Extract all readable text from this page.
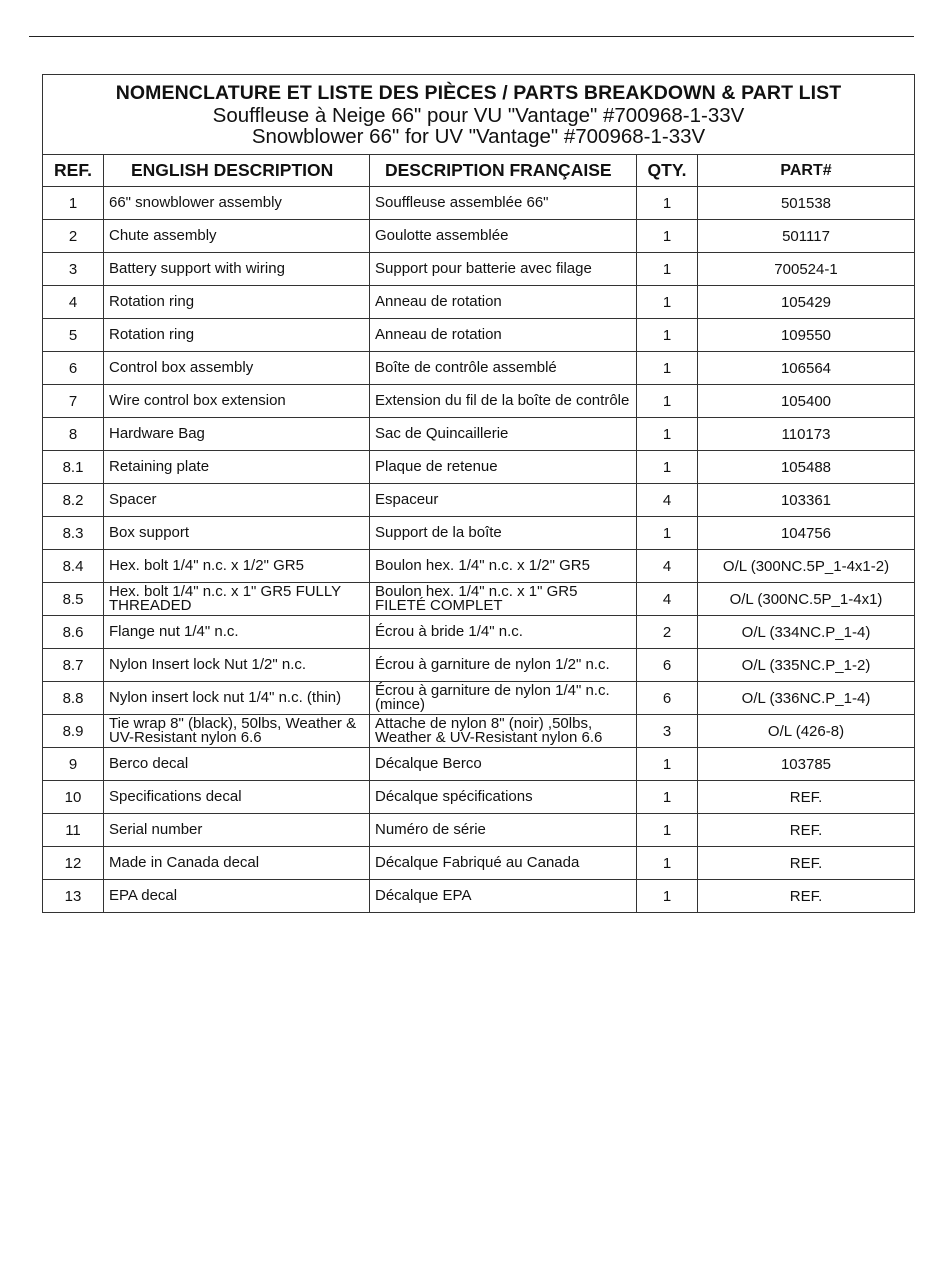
NOMENCLATURE ET LISTE DES PIÈCES / PARTS BREAKDOWN & PART LIST
Souffleuse à Neige 66" pour VU "Vantage" #700968-1-33V
Snowblower 66" for UV "Vantage" #700968-1-33V				

REF.	ENGLISH DESCRIPTION	DESCRIPTION FRANÇAISE	QTY.	PART#
1	66" snowblower assembly	Souffleuse assemblée 66"	1	501538
2	Chute assembly	Goulotte assemblée	1	501117
3	Battery support with wiring	Support pour batterie avec filage	1	700524-1
4	Rotation ring	Anneau de rotation	1	105429
5	Rotation ring	Anneau de rotation	1	109550
6	Control box assembly	Boîte de contrôle assemblé	1	106564
7	Wire control box extension	Extension du fil de la boîte de contrôle	1	105400
8	Hardware Bag	Sac de Quincaillerie	1	110173
8.1	Retaining plate	Plaque de retenue	1	105488
8.2	Spacer	Espaceur	4	103361
8.3	Box support	Support de la boîte	1	104756
8.4	Hex. bolt 1/4" n.c. x 1/2" GR5	Boulon hex. 1/4" n.c. x 1/2" GR5	4	O/L (300NC.5P_1-4x1-2)
8.5	Hex. bolt 1/4" n.c. x 1" GR5 FULLY THREADED	Boulon hex. 1/4" n.c. x 1" GR5 FILETÉ COMPLET	4	O/L (300NC.5P_1-4x1)
8.6	Flange nut 1/4" n.c.	Écrou à bride 1/4" n.c.	2	O/L (334NC.P_1-4)
8.7	Nylon Insert lock Nut 1/2" n.c.	Écrou à garniture de nylon 1/2" n.c.	6	O/L (335NC.P_1-2)
8.8	Nylon insert lock nut 1/4" n.c. (thin)	Écrou à garniture de nylon 1/4" n.c. (mince)	6	O/L (336NC.P_1-4)
8.9	Tie wrap 8" (black), 50lbs, Weather & UV-Resistant nylon 6.6	Attache de nylon 8" (noir) ,50lbs, Weather & UV-Resistant nylon 6.6	3	O/L (426-8)
9	Berco decal	Décalque Berco	1	103785
10	Specifications decal	Décalque spécifications	1	REF.
11	Serial number	Numéro de série	1	REF.
12	Made in Canada decal	Décalque Fabriqué au Canada	1	REF.
13	EPA decal	Décalque EPA	1	REF.
